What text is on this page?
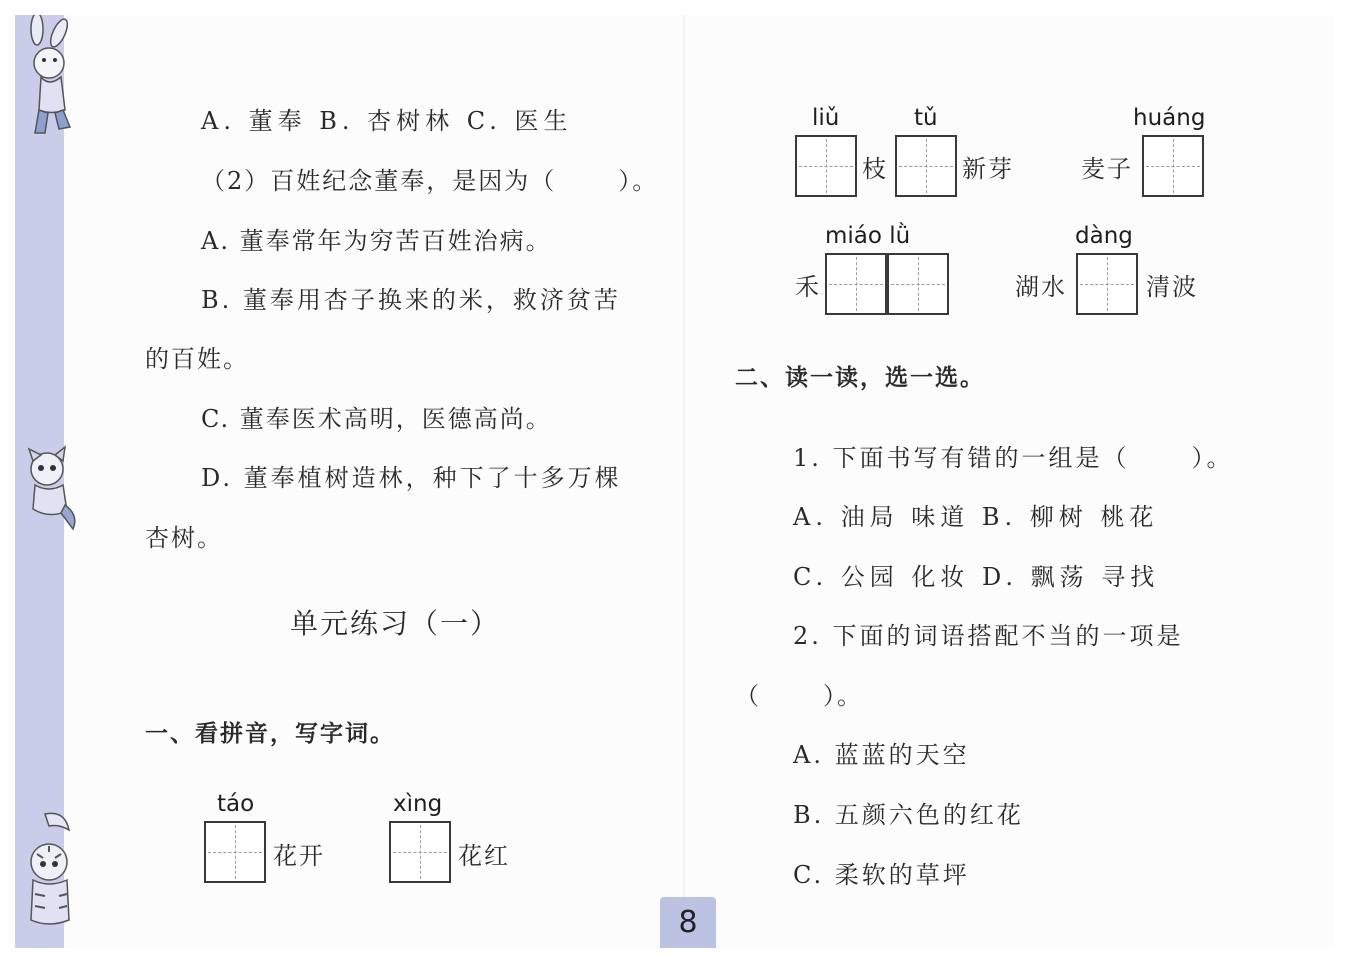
A. 董奉 B. 杏树林 C. 医生
（2）百姓纪念董奉，是因为（	）。
A. 董奉常年为穷苦百姓治病。
B. 董奉用杏子换来的米，救济贫苦
的百姓。
C. 董奉医术高明，医德高尚。
D. 董奉植树造林，种下了十多万棵
杏树。
单元练习（一）
一、看拼音，写字词。
táo
花开
xìng
花红
liǔ
枝
tǔ
新芽
huáng
麦子
miáo lǜ
禾
dàng
湖水	清波
二、读一读，选一选。
1. 下面书写有错的一组是（	）。
A. 油局 味道 B. 柳树 桃花
C. 公园 化妆 D. 飘荡 寻找
2. 下面的词语搭配不当的一项是
（	）。
A. 蓝蓝的天空
B. 五颜六色的红花
C. 柔软的草坪
8
